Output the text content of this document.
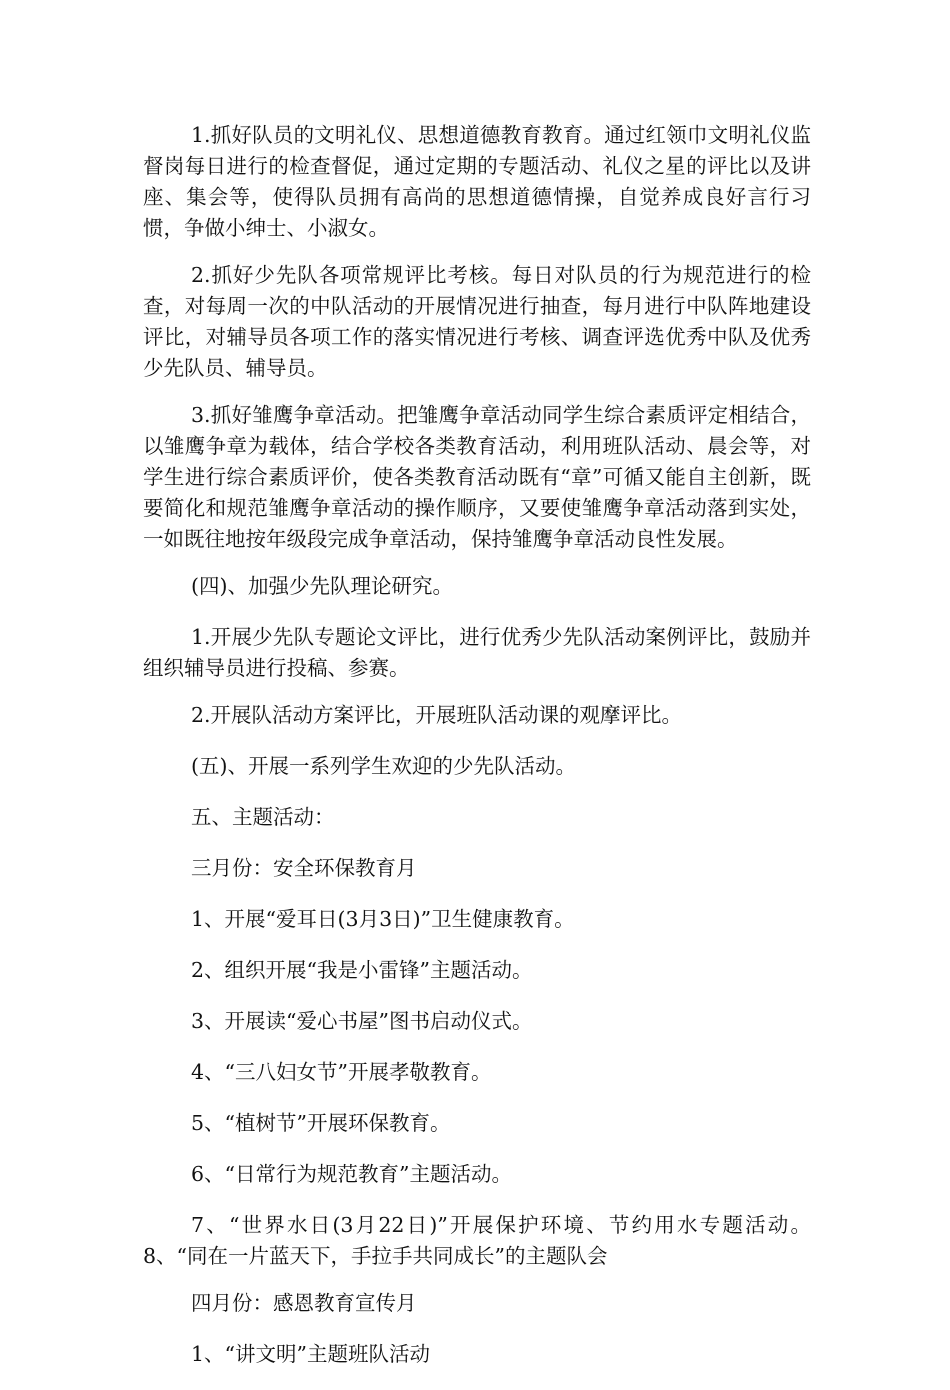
1.抓好队员的文明礼仪、思想道德教育教育。通过红领巾文明礼仪监督岗每日进行的检查督促，通过定期的专题活动、礼仪之星的评比以及讲座、集会等，使得队员拥有高尚的思想道德情操，自觉养成良好言行习惯，争做小绅士、小淑女。

2.抓好少先队各项常规评比考核。每日对队员的行为规范进行的检查，对每周一次的中队活动的开展情况进行抽查，每月进行中队阵地建设评比，对辅导员各项工作的落实情况进行考核、调查评选优秀中队及优秀少先队员、辅导员。

3.抓好雏鹰争章活动。把雏鹰争章活动同学生综合素质评定相结合，以雏鹰争章为载体，结合学校各类教育活动，利用班队活动、晨会等，对学生进行综合素质评价，使各类教育活动既有“章”可循又能自主创新，既要简化和规范雏鹰争章活动的操作顺序，又要使雏鹰争章活动落到实处，一如既往地按年级段完成争章活动，保持雏鹰争章活动良性发展。

(四)、加强少先队理论研究。

1.开展少先队专题论文评比，进行优秀少先队活动案例评比，鼓励并组织辅导员进行投稿、参赛。

2.开展队活动方案评比，开展班队活动课的观摩评比。

(五)、开展一系列学生欢迎的少先队活动。

五、主题活动：

三月份：安全环保教育月

1、开展“爱耳日(3月3日)”卫生健康教育。

2、组织开展“我是小雷锋”主题活动。

3、开展读“爱心书屋”图书启动仪式。

4、“三八妇女节”开展孝敬教育。

5、“植树节”开展环保教育。

6、“日常行为规范教育”主题活动。

7、“世界水日(3月22日)”开展保护环境、节约用水专题活动。8、“同在一片蓝天下，手拉手共同成长”的主题队会

四月份：感恩教育宣传月

1、“讲文明”主题班队活动
